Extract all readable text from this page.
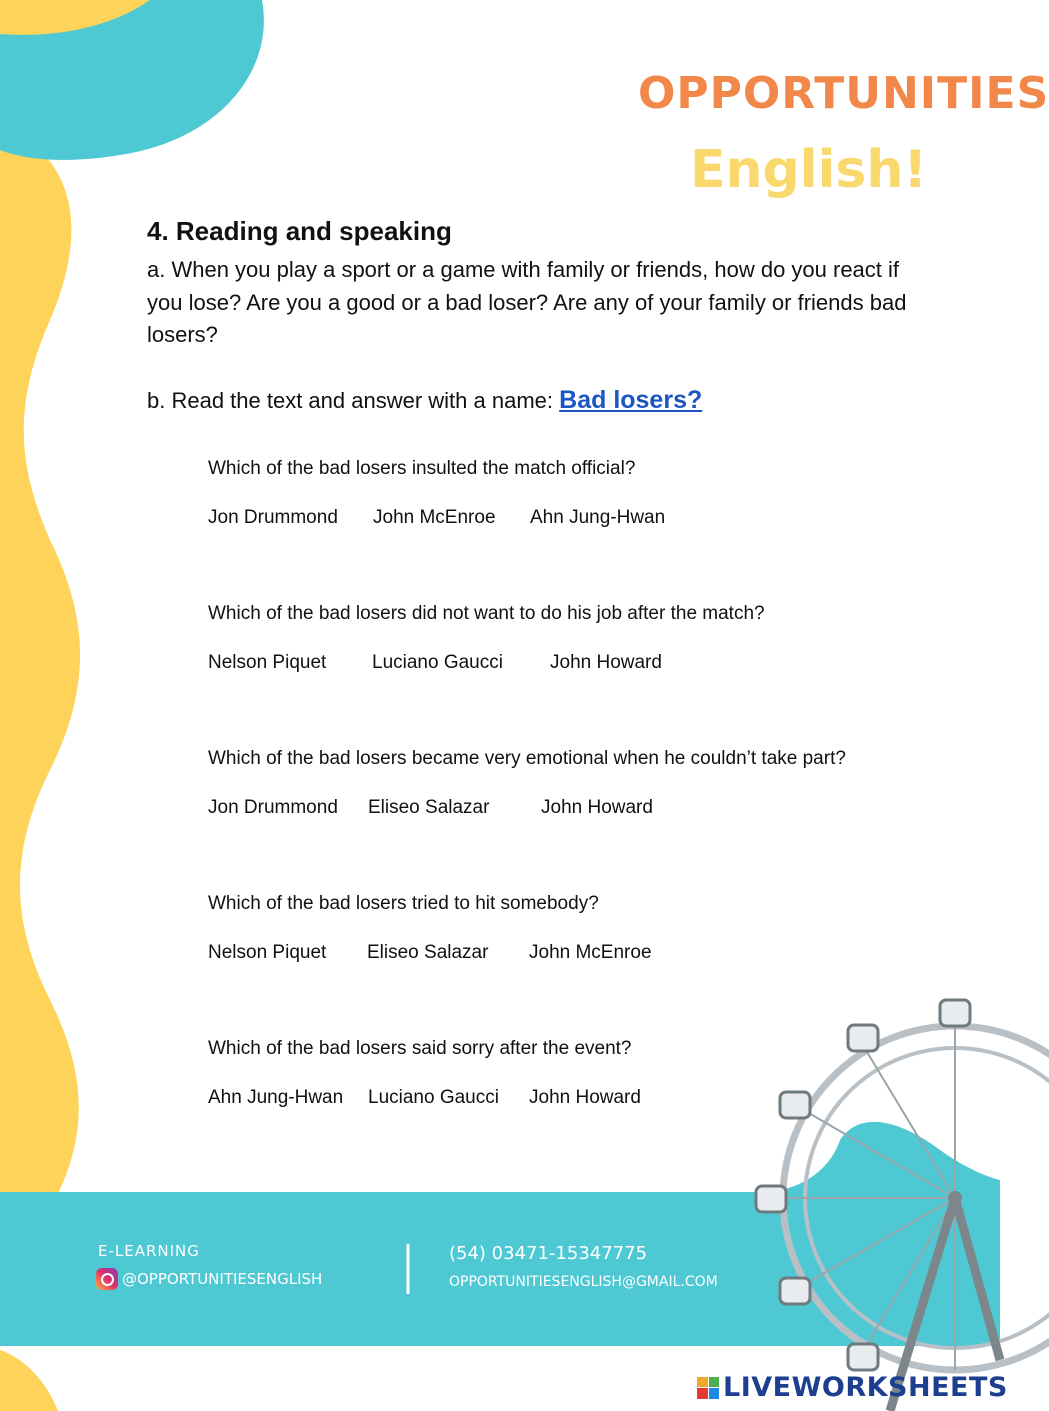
OPPORTUNITIES
English!
4. Reading and speaking
a. When you play a sport or a game with family or friends, how do you react if you lose? Are you a good or a bad loser? Are any of your family or friends bad losers?
b. Read the text and answer with a name: Bad losers?
Which of the bad losers insulted the match official?
Jon Drummond John McEnroe Ahn Jung-Hwan
Which of the bad losers did not want to do his job after the match?
Nelson Piquet Luciano Gaucci John Howard
Which of the bad losers became very emotional when he couldn’t take part?
Jon Drummond Eliseo Salazar	John Howard
Which of the bad losers tried to hit somebody?
Nelson Piquet Eliseo Salazar John McEnroe
Which of the bad losers said sorry after the event?
Ahn Jung-Hwan Luciano Gaucci John Howard
E-LEARNING
@OPPORTUNITIESENGLISH
(54) 03471-15347775
OPPORTUNITIESENGLISH@GMAIL.COM
LIVEWORKSHEETS
